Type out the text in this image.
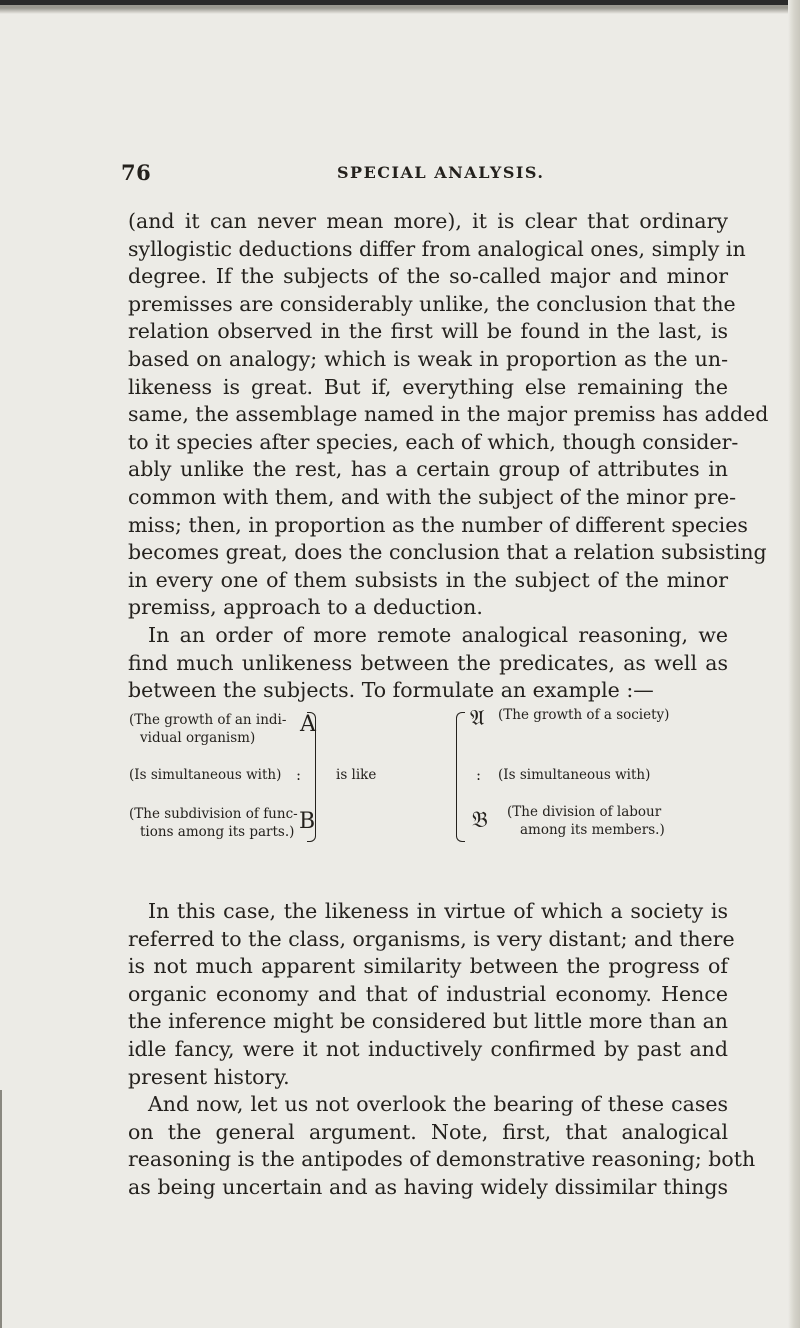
76	SPECIAL ANALYSIS.
(and it can never mean more), it is clear that ordinary
syllogistic deductions differ from analogical ones, simply in
degree. If the subjects of the so-called major and minor
premisses are considerably unlike, the conclusion that the
relation observed in the first will be found in the last, is
based on analogy; which is weak in proportion as the un-
likeness is great. But if, everything else remaining the
same, the assemblage named in the major premiss has added
to it species after species, each of which, though consider-
ably unlike the rest, has a certain group of attributes in
common with them, and with the subject of the minor pre-
miss; then, in proportion as the number of different species
becomes great, does the conclusion that a relation subsisting
in every one of them subsists in the subject of the minor
premiss, approach to a deduction.
In an order of more remote analogical reasoning, we
find much unlikeness between the predicates, as well as
between the subjects. To formulate an example :—
(The growth of an indi-
vidual organism)
A
(Is simultaneous with) :
(The subdivision of func-
tions among its parts.) B
is like
𝔄 (The growth of a society)
: (Is simultaneous with)
𝔅 (The division of labour
among its members.)
In this case, the likeness in virtue of which a society is
referred to the class, organisms, is very distant; and there
is not much apparent similarity between the progress of
organic economy and that of industrial economy. Hence
the inference might be considered but little more than an
idle fancy, were it not inductively confirmed by past and
present history.
And now, let us not overlook the bearing of these cases
on the general argument. Note, first, that analogical
reasoning is the antipodes of demonstrative reasoning; both
as being uncertain and as having widely dissimilar things
